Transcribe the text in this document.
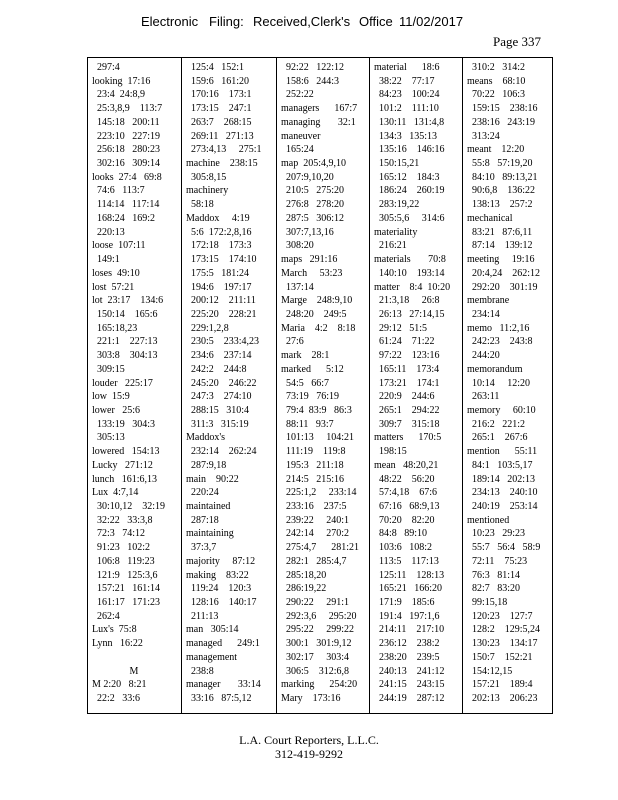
Electronic Filing: Received,Clerk's Office 11/02/2017
Page 337
297:4
looking  17:16
23:4  24:8,9
25:3,8,9    113:7
145:18   200:11
223:10   227:19
256:18   280:23
302:16   309:14
looks  27:4   69:8
74:6   113:7
114:14   117:14
168:24   169:2
220:13
loose  107:11
149:1
loses  49:10
lost  57:21
lot  23:17    134:6
150:14    165:6
165:18,23
221:1    227:13
303:8    304:13
309:15
louder   225:17
low  15:9
lower   25:6
133:19   304:3
305:13
lowered   154:13
Lucky   271:12
lunch   161:6,13
Lux  4:7,14
30:10,12    32:19
32:22   33:3,8
72:3   74:12
91:23   102:2
106:8   119:23
121:9   125:3,6
157:21   161:14
161:17   171:23
262:4
Lux's  75:8
Lynn   16:22
M
M 2:20   8:21
22:2   33:6
125:4   152:1
159:6   161:20
170:16    173:1
173:15    247:1
263:7    268:15
269:11   271:13
273:4,13     275:1
machine    238:15
305:8,15
machinery
58:18
Maddox     4:19
5:6  172:2,8,16
172:18    173:3
173:15    174:10
175:5   181:24
194:6    197:17
200:12    211:11
225:20    228:21
229:1,2,8
230:5    233:4,23
234:6    237:14
242:2    244:8
245:20    246:22
247:3    274:10
288:15   310:4
311:3   315:19
Maddox's
232:14    262:24
287:9,18
main    90:22
220:24
maintained
287:18
maintaining
37:3,7
majority     87:12
making    83:22
119:24    120:3
128:16    140:17
211:13
man   305:14
managed      249:1
management
238:8
manager       33:14
33:16   87:5,12
92:22   122:12
158:6   244:3
252:22
managers      167:7
managing       32:1
maneuver
165:24
map  205:4,9,10
207:9,10,20
210:5   275:20
276:8   278:20
287:5   306:12
307:7,13,16
308:20
maps   291:16
March     53:23
137:14
Marge    248:9,10
248:20    249:5
Maria    4:2    8:18
27:6
mark    28:1
marked      5:12
54:5   66:7
73:19   76:19
79:4  83:9   86:3
88:11   93:7
101:13     104:21
111:19    119:8
195:3   211:18
214:5   215:16
225:1,2     233:14
233:16    237:5
239:22     240:1
242:14     270:2
275:4,7      281:21
282:1   285:4,7
285:18,20
286:19,22
290:22     291:1
292:3,6     295:20
295:22     299:22
300:1   301:9,12
302:17     303:4
306:5    312:6,8
marking      254:20
Mary    173:16
material      18:6
38:22    77:17
84:23    100:24
101:2    111:10
130:11   131:4,8
134:3   135:13
135:16    146:16
150:15,21
165:12    184:3
186:24    260:19
283:19,22
305:5,6     314:6
materiality
216:21
materials       70:8
140:10    193:14
matter    8:4  10:20
21:3,18     26:8
26:13   27:14,15
29:12   51:5
61:24    71:22
97:22    123:16
165:11    173:4
173:21    174:1
220:9    244:6
265:1    294:22
309:7    315:18
matters      170:5
198:15
mean   48:20,21
48:22    56:20
57:4,18    67:6
67:16   68:9,13
70:20    82:20
84:8   89:10
103:6   108:2
113:5    117:13
125:11    128:13
165:21   166:20
171:9    185:6
191:4   197:1,6
214:11    217:10
236:12    238:2
238:20    239:5
240:13    241:12
241:15    243:15
244:19    287:12
310:2   314:2
means    68:10
70:22   106:3
159:15    238:16
238:16   243:19
313:24
meant    12:20
55:8   57:19,20
84:10   89:13,21
90:6,8    136:22
138:13    257:2
mechanical
83:21   87:6,11
87:14    139:12
meeting     19:16
20:4,24    262:12
292:20    301:19
membrane
234:14
memo   11:2,16
242:23    243:8
244:20
memorandum
10:14     12:20
263:11
memory     60:10
216:2   221:2
265:1    267:6
mention      55:11
84:1   103:5,17
189:14   202:13
234:13    240:10
240:19    253:14
mentioned
10:23   29:23
55:7   56:4   58:9
72:11    75:23
76:3   81:14
82:7   83:20
99:15,18
120:23    127:7
128:2    129:5,24
130:23    134:17
150:7    152:21
154:12,15
157:21    189:4
202:13    206:23
L.A. Court Reporters, L.L.C.
312-419-9292
